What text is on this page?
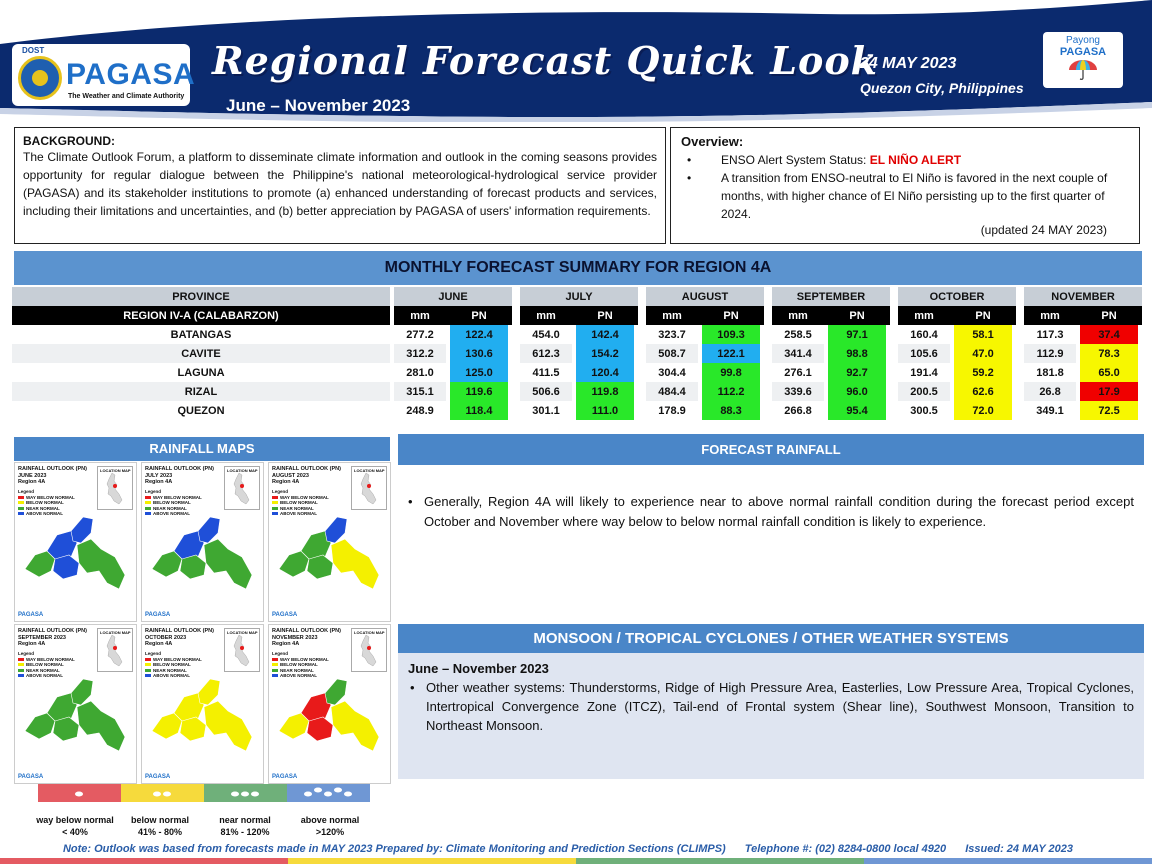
DOST
PAGASA
The Weather and Climate Authority
Regional Forecast Quick Look
June – November 2023
24 MAY 2023
Quezon City, Philippines
Payong
PAGASA
BACKGROUND:
The Climate Outlook Forum, a platform to disseminate climate information and outlook in the coming seasons provides opportunity for regular dialogue between the Philippine's national meteorological-hydrological service provider (PAGASA) and its stakeholder institutions to promote (a) enhanced understanding of forecast products and services, including their limitations and uncertainties, and (b) better appreciation by PAGASA of users' information requirements.
Overview:
• ENSO Alert System Status: EL NIÑO ALERT
• A transition from ENSO-neutral to El Niño is favored in the next couple of months, with higher chance of El Niño persisting up to the first quarter of 2024.
(updated 24 MAY 2023)
MONTHLY FORECAST SUMMARY FOR REGION 4A
PROVINCE		JUNE			JULY			AUGUST			SEPTEMBER			OCTOBER			NOVEMBER	
REGION IV-A (CALABARZON)		mm	PN		mm	PN		mm	PN		mm	PN		mm	PN		mm	PN
BATANGAS		277.2	122.4		454.0	142.4		323.7	109.3		258.5	97.1		160.4	58.1		117.3	37.4
CAVITE		312.2	130.6		612.3	154.2		508.7	122.1		341.4	98.8		105.6	47.0		112.9	78.3
LAGUNA		281.0	125.0		411.5	120.4		304.4	99.8		276.1	92.7		191.4	59.2		181.8	65.0
RIZAL		315.1	119.6		506.6	119.8		484.4	112.2		339.6	96.0		200.5	62.6		26.8	17.9
QUEZON		248.9	118.4		301.1	111.0		178.9	88.3		266.8	95.4		300.5	72.0		349.1	72.5
RAINFALL MAPS
RAINFALL OUTLOOK (PN)
JUNE 2023
Region 4A
Legend
WAY BELOW NORMAL
BELOW NORMAL
NEAR NORMAL
ABOVE NORMAL
LOCATION MAP
PAGASA
RAINFALL OUTLOOK (PN)
JULY 2023
Region 4A
Legend
WAY BELOW NORMAL
BELOW NORMAL
NEAR NORMAL
ABOVE NORMAL
LOCATION MAP
PAGASA
RAINFALL OUTLOOK (PN)
AUGUST 2023
Region 4A
Legend
WAY BELOW NORMAL
BELOW NORMAL
NEAR NORMAL
ABOVE NORMAL
LOCATION MAP
PAGASA
RAINFALL OUTLOOK (PN)
SEPTEMBER 2023
Region 4A
Legend
WAY BELOW NORMAL
BELOW NORMAL
NEAR NORMAL
ABOVE NORMAL
LOCATION MAP
PAGASA
RAINFALL OUTLOOK (PN)
OCTOBER 2023
Region 4A
Legend
WAY BELOW NORMAL
BELOW NORMAL
NEAR NORMAL
ABOVE NORMAL
LOCATION MAP
PAGASA
RAINFALL OUTLOOK (PN)
NOVEMBER 2023
Region 4A
Legend
WAY BELOW NORMAL
BELOW NORMAL
NEAR NORMAL
ABOVE NORMAL
LOCATION MAP
PAGASA
way below normal
< 40%
below normal
41% - 80%
near normal
81% - 120%
above normal
>120%
FORECAST RAINFALL
• Generally, Region 4A will likely to experience near to above normal rainfall condition during the forecast period except October and November where way below to below normal rainfall condition is likely to experience.
MONSOON / TROPICAL CYCLONES / OTHER WEATHER SYSTEMS
June – November 2023
• Other weather systems: Thunderstorms, Ridge of High Pressure Area, Easterlies, Low Pressure Area, Tropical Cyclones, Intertropical Convergence Zone (ITCZ), Tail-end of Frontal system (Shear line), Southwest Monsoon, Transition to Northeast Monsoon.
Note: Outlook was based from forecasts made in MAY 2023 Prepared by: Climate Monitoring and Prediction Sections (CLIMPS) Telephone #: (02) 8284-0800 local 4920 Issued: 24 MAY 2023
